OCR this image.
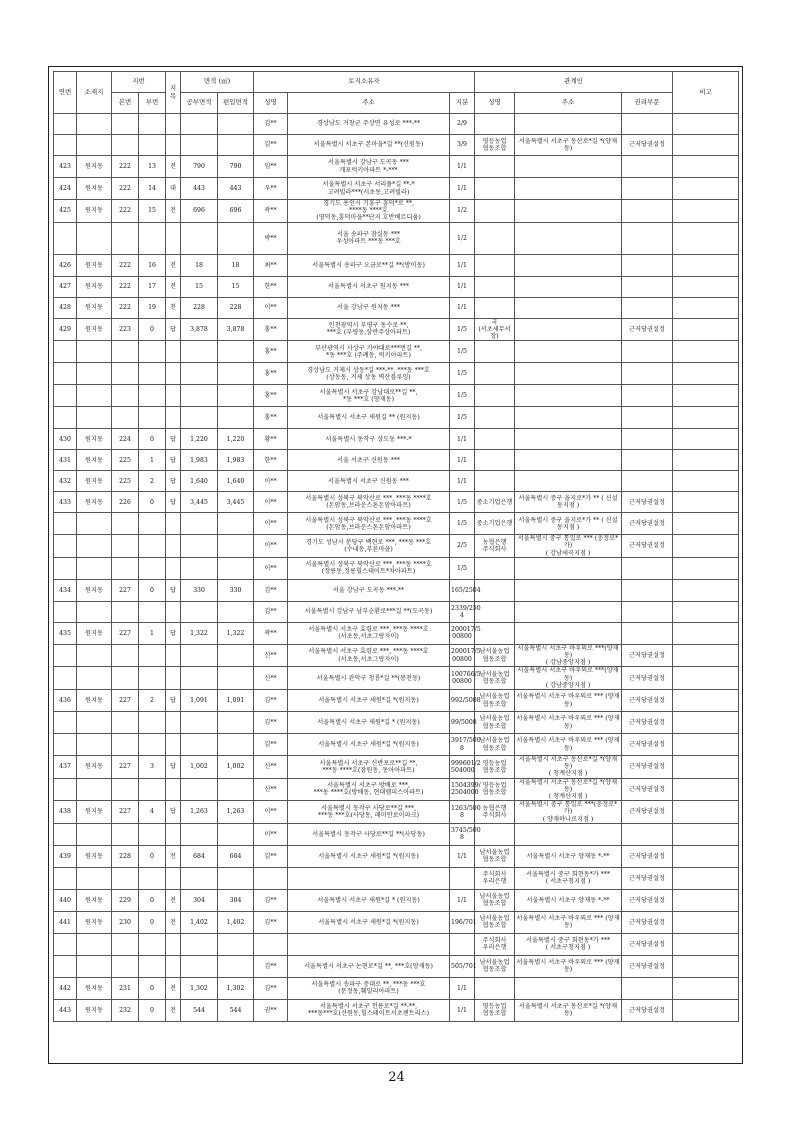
연번	소재지	지번		지목	면적 (㎡)		토지소유자			관계인			비고
		본번	부번		공부면적	편입면적	성명	주소	지분	성명	주소	권리부문	
							김**	경상남도 거창군 주상면 유성로 ***-**	2/9				
							김**	서울특별시 서초구 본마을*길 **(신원동)	3/9	영등농업
협동조합	서울특별시 서초구 동산로*길 *(양재동)	근저당권설정	
423	원지동	222	13	전	790	790	임**	서울특별시 강남구 도곡동 ***
개포럭키아파트 *-***	1/1				
424	원지동	222	14	대	443	443	우**	서울특별시 서초구 서리풀*길 **-*
고려빌라***(서초동,고려빌라)	1/1				
425	원지동	222	15	전	696	696	곽**	경기도 용인시 기흥구 흥덕*로 **,
****동 ****호
(영덕동,흥덕마을**단지 호반베르디움)	1/2				
							박**	서울 송파구 잠실동 ***
우성아파트 ***동 ***호	1/2				
426	원지동	222	16	전	18	18	최**	서울특별시 송파구 오금로**길 **(방이동)	1/1				
427	원지동	222	17	전	15	15	한**	서울특별시 서초구 원지동 ***	1/1				
428	원지동	222	19	천	228	228	이**	서울 강남구 원지동 ***	1/1				
429	원지동	223	0	답	3,878	3,878	홍**	인천광역시 부평구 동수로 **,
***호 (부평동,삼반주상아파트)	1/5	국
(서초세무서장)		근저당권설정	
							홍**	부산광역시 사상구 가야대로***번길 **,
*동 ***호 (주례동, 럭키아파트)	1/5				
							홍**	경상남도 거제시 상동*길 ***-**, ***동 ***호
(상동동, 거제 상동 벽산블루밍)	1/5				
							홍**	서울특별시 서초구 강남대로**길 **,
*동 ***호 (양재동)	1/5				
							홍**	서울특별시 서초구 새원길 ** (원지동)	1/5				
430	원지동	224	0	답	1,220	1,220	황**	서울특별시 동작구 상도동 ***-*	1/1				
431	원지동	225	1	답	1,983	1,983	한**	서울 서초구 신원동 ***	1/1				
432	원지동	225	2	답	1,640	1,640	이**	서울특별시 서초구 신원동 ***	1/1				
433	원지동	226	0	답	3,445	3,445	이**	서울특별시 성북구 북악산로 ***, ***동 ****호
(돈암동,브라운스톤돈암아파트)	1/5	중소기업은행	서울특별시 중구 을지로*가 ** ( 신설동지점 )	근저당권설정	
							이**	서울특별시 성북구 북악산로 ***, ***동 ****호
(돈암동,브라운스톤돈암아파트)	1/5	중소기업은행	서울특별시 중구 을지로*가 ** ( 신설동지점 )	근저당권설정	
							이**	경기도 성남시 분당구 백현로 ***, ***동 ***호
(수내동,푸른마을)	2/5	농협은행
주식회사	서울특별시 중구 통일로 *** (충정로*가)
( 강남세곡지점 )	근저당권설정	
							이**	서울특별시 성북구 북악산로 ***, ***동 ****호
(정릉동,정릉힐스테이트*차아파트)	1/5				
434	원지동	227	0	답	330	330	김**	서울 강남구 도곡동 ***-**	165/2504				
							김**	서울특별시 강남구 남부순환로***길 **(도곡동)	2339/250
4				
435	원지동	227	1	답	1,322	1,322	곽**	서울특별시 서초구 효령로 ***, ***동 ****호
(서초동,서초그랑자이)	200017/5
00800				
							신**	서울특별시 서초구 효령로 ***, ***동 ****호
(서초동,서초그랑자이)	200017/5
00800	남서울농업
협동조합	서울특별시 서초구 바우뫼로 ***(양재동)
( 강남중앙지점 )	근저당권설정	
							신**	서울특별시 관악구 청룡*길 **(봉천동)	100766/5
00800	남서울농업
협동조합	서울특별시 서초구 바우뫼로 ***(양재동)
( 강남중앙지점 )	근저당권설정	
436	원지동	227	2	답	1,091	1,091	김**	서울특별시 서초구 새원*길 *(원지동)	992/5008	남서울농업
협동조합	서울특별시 서초구 바우뫼로 *** (양재동)	근저당권설정	
							김**	서울특별시 서초구 새원*길 * (원지동)	99/5008	남서울농업
협동조합	서울특별시 서초구 바우뫼로 *** (양재동)	근저당권설정	
							김**	서울특별시 서초구 새원*길 *(원지동)	3917/500
8	남서울농업
협동조합	서울특별시 서초구 바우뫼로 *** (양재동)	근저당권설정	
437	원지동	227	3	답	1,002	1,002	신**	서울특별시 서초구 신반포로**길 **,
***동 ****호(잠원동, 동아아파트)	999601/2
504000	영등농업
협동조합	서울특별시 서초구 동산로*길 *(양재동)
( 청계산지점 )	근저당권설정	
							신**	서울특별시 서초구 방배로 ***,
***동 ****호(방배동, 현대멤피스아파트)	1504399/
2504000	영등농업
협동조합	서울특별시 서초구 동산로*길 *(양재동)
( 청계산지점 )	근저당권설정	
438	원지동	227	4	답	1,263	1,263	이**	서울특별시 동작구 사당로**길 ***,
***동 ***호(사당동, 래미안로이파크)	1263/500
8	농협은행
주식회사	서울특별시 중구 통일로 ***(충정로*가)
( 양재하나로지점 )	근저당권설정	
							이**	서울특별시 동작구 사당로**길 **(사당동)	3745/500
8				
439	원지동	228	0	전	684	684	김**	서울특별시 서초구 새원*길 *(원지동)	1/1	남서울농업
협동조합	서울특별시 서초구 양재동 *-**	근저당권설정	
										주식회사
우리은행	서울특별시 중구 회현동*가 ***
( 서초구청지점 )	근저당권설정	
440	원지동	229	0	전	304	304	김**	서울특별시 서초구 새원*길 * (원지동)	1/1	남서울농업
협동조합	서울특별시 서초구 양재동 *-**	근저당권설정	
441	원지동	230	0	전	1,402	1,402	김**	서울특별시 서초구 새원*길 *(원지동)	196/701	남서울농업
협동조합	서울특별시 서초구 바우뫼로 *** (양재동)	근저당권설정	
										주식회사
우리은행	서울특별시 중구 회현동*가 ***
( 서초구청지점 )	근저당권설정	
							김**	서울특별시 서초구 논현로*길 **, ***호(양재동)	505/701	남서울농업
협동조합	서울특별시 서초구 바우뫼로 *** (양재동)	근저당권설정	
442	원지동	231	0	전	1,302	1,302	김**	서울특별시 송파구 중대로 **, ***동 ***호
(문정동,훼밀리아파트)	1/1				
443	원지동	232	0	전	544	544	권**	서울특별시 서초구 헌릉로*길 **-**,
***동***호(신원동,힐스테이트서초젠트리스)	1/1	영등농업
협동조합	서울특별시 서초구 동산로*길 *(양재동)	근저당권설정	
24
